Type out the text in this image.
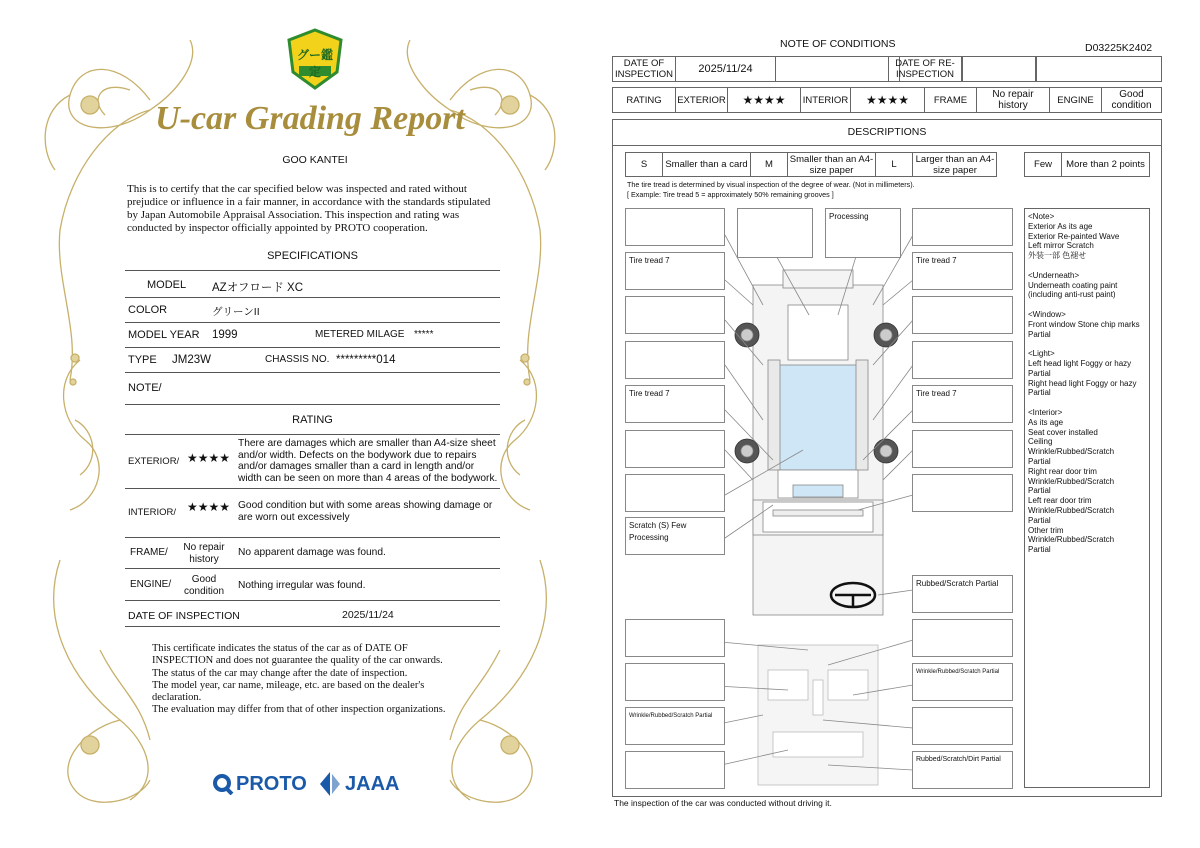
グー鑑定
U-car Grading Report
GOO KANTEI
This is to certify that the car specified below was inspected and rated without prejudice or influence in a fair manner, in accordance with the standards stipulated by Japan Automobile Appraisal Association. This inspection and rating was conducted by inspector officially appointed by PROTO cooperation.
SPECIFICATIONS
MODEL AZオフロード XC
COLOR	グリーンII
MODEL YEAR 1999	METERED MILAGE *****
TYPE JM23W	CHASSIS NO. *********014
NOTE/
RATING
EXTERIOR/ ★★★★
There are damages which are smaller than A4-size sheet and/or width. Defects on the bodywork due to repairs and/or damages smaller than a card in length and/or width can be seen on more than 4 areas of the bodywork.
INTERIOR/ ★★★★ Good condition but with some areas showing damage or are worn out excessively
FRAME/	No repair history
No apparent damage was found.
ENGINE/	Good condition
Nothing irregular was found.
DATE OF INSPECTION	2025/11/24
This certificate indicates the status of the car as of DATE OF
INSPECTION and does not guarantee the quality of the car onwards.
The status of the car may change after the date of inspection.
The model year, car name, mileage, etc. are based on the dealer's
declaration.
The evaluation may differ from that of other inspection organizations.
PROTO JAAA
NOTE OF CONDITIONS	D03225K2402
DATE OF INSPECTION	2025/11/24	DATE OF RE-INSPECTION
RATING	EXTERIOR	★★★★	INTERIOR	★★★★	FRAME	No repair history	ENGINE	Good condition
DESCRIPTIONS
S	Smaller than a card	M	Smaller than an A4-size paper	L	Larger than an A4-size paper	Few	More than 2 points
The tire tread is determined by visual inspection of the degree of wear. (Not in millimeters).
[ Example: Tire tread 5 = approximately 50% remaining grooves ]
Processing
Tire tread 7	Tire tread 7
Tire tread 7	Tire tread 7
Scratch (S) Few Processing
Rubbed/Scratch Partial
Wrinkle/Rubbed/Scratch Partial
Wrinkle/Rubbed/Scratch Partial
Rubbed/Scratch/Dirt Partial
<Note>
Exterior As its age
Exterior Re-painted Wave
Left mirror Scratch
外装一部 色褪せ
<Underneath>
Underneath coating paint
(including anti-rust paint)
<Window>
Front window Stone chip marks
Partial
<Light>
Left head light Foggy or hazy
Partial
Right head light Foggy or hazy
Partial
<Interior>
As its age
Seat cover installed
Ceiling
Wrinkle/Rubbed/Scratch
Partial
Right rear door trim
Wrinkle/Rubbed/Scratch
Partial
Left rear door trim
Wrinkle/Rubbed/Scratch
Partial
Other trim
Wrinkle/Rubbed/Scratch
Partial
The inspection of the car was conducted without driving it.
